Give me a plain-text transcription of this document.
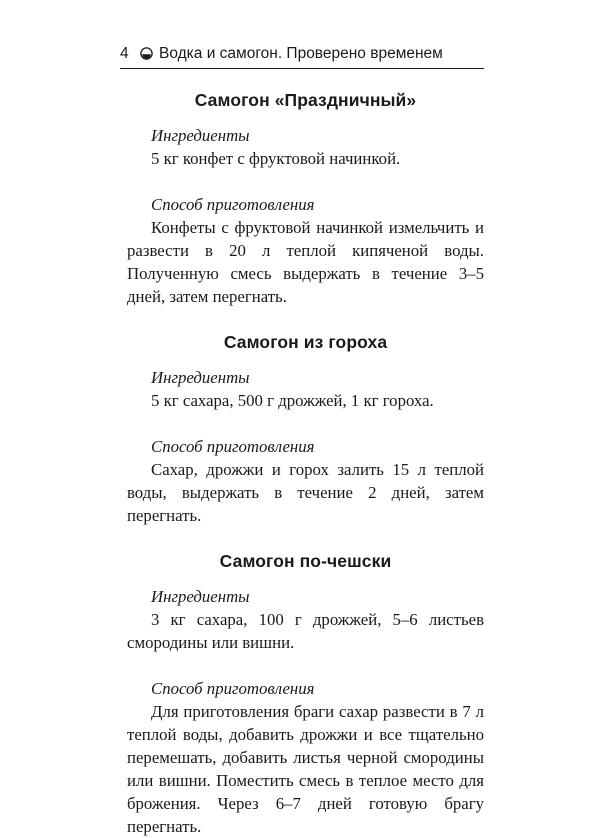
4 Водка и самогон. Проверено временем
Самогон «Праздничный»

Ингредиенты

5 кг конфет с фруктовой начинкой.

Способ приготовления

Конфеты с фруктовой начинкой измельчить и развести в 20 л теплой кипяченой воды. Полученную смесь выдержать в течение 3–5 дней, затем перегнать.

Самогон из гороха

Ингредиенты

5 кг сахара, 500 г дрожжей, 1 кг гороха.

Способ приготовления

Сахар, дрожжи и горох залить 15 л теплой воды, выдержать в течение 2 дней, затем перегнать.

Самогон по-чешски

Ингредиенты

3 кг сахара, 100 г дрожжей, 5–6 листьев смородины или вишни.

Способ приготовления

Для приготовления браги сахар развести в 7 л теплой воды, добавить дрожжи и все тщательно перемешать, добавить листья черной смородины или вишни. Поместить смесь в теплое место для брожения. Через 6–7 дней готовую брагу перегнать.
